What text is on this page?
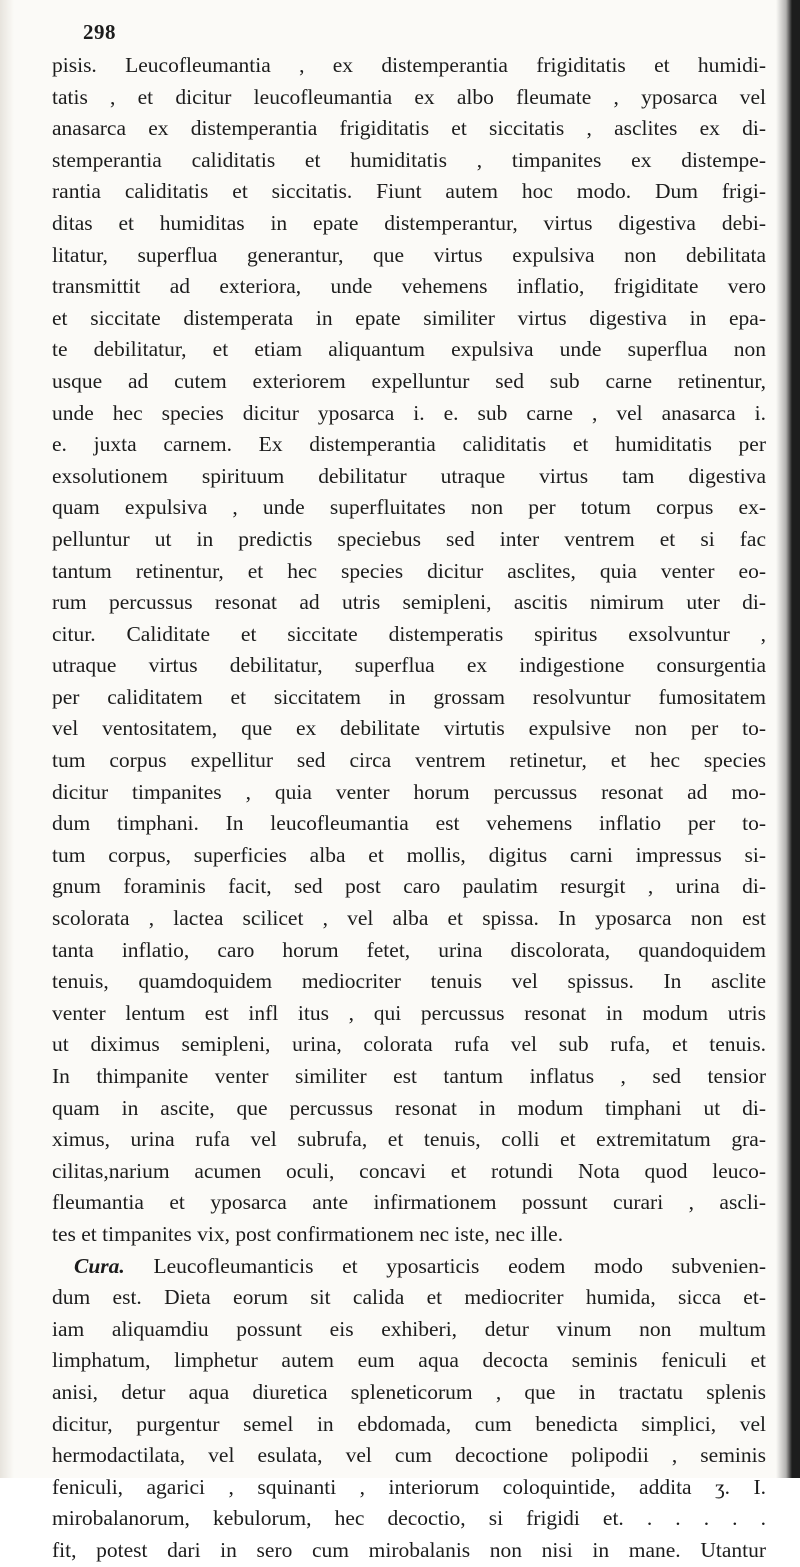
298
pisis. Leucofleumantia , ex distemperantia frigiditatis et humidi-
tatis , et dicitur leucofleumantia ex albo fleumate , yposarca vel
anasarca ex distemperantia frigiditatis et siccitatis , asclites ex di-
stemperantia caliditatis et humiditatis , timpanites ex distempe-
rantia caliditatis et siccitatis. Fiunt autem hoc modo. Dum frigi-
ditas et humiditas in epate distemperantur, virtus digestiva debi-
litatur, superflua generantur, que virtus expulsiva non debilitata
transmittit ad exteriora, unde vehemens inflatio, frigiditate vero
et siccitate distemperata in epate similiter virtus digestiva in epa-
te debilitatur, et etiam aliquantum expulsiva unde superflua non
usque ad cutem exteriorem expelluntur sed sub carne retinentur,
unde hec species dicitur yposarca i. e. sub carne , vel anasarca i.
e. juxta carnem. Ex distemperantia caliditatis et humiditatis per
exsolutionem spirituum debilitatur utraque virtus tam digestiva
quam expulsiva , unde superfluitates non per totum corpus ex-
pelluntur ut in predictis speciebus sed inter ventrem et si fac
tantum retinentur, et hec species dicitur asclites, quia venter eo-
rum percussus resonat ad utris semipleni, ascitis nimirum uter di-
citur. Caliditate et siccitate distemperatis spiritus exsolvuntur ,
utraque virtus debilitatur, superflua ex indigestione consurgentia
per caliditatem et siccitatem in grossam resolvuntur fumositatem
vel ventositatem, que ex debilitate virtutis expulsive non per to-
tum corpus expellitur sed circa ventrem retinetur, et hec species
dicitur timpanites , quia venter horum percussus resonat ad mo-
dum timphani. In leucofleumantia est vehemens inflatio per to-
tum corpus, superficies alba et mollis, digitus carni impressus si-
gnum foraminis facit, sed post caro paulatim resurgit , urina di-
scolorata , lactea scilicet , vel alba et spissa. In yposarca non est
tanta inflatio, caro horum fetet, urina discolorata, quandoquidem
tenuis, quamdoquidem mediocriter tenuis vel spissus. In asclite
venter lentum est infl itus , qui percussus resonat in modum utris
ut diximus semipleni, urina, colorata rufa vel sub rufa, et tenuis.
In thimpanite venter similiter est tantum inflatus , sed tensior
quam in ascite, que percussus resonat in modum timphani ut di-
ximus, urina rufa vel subrufa, et tenuis, colli et extremitatum gra-
cilitas,narium acumen oculi, concavi et rotundi Nota quod leuco-
fleumantia et yposarca ante infirmationem possunt curari , ascli-
tes et timpanites vix, post confirmationem nec iste, nec ille.
Cura. Leucofleumanticis et yposarticis eodem modo subvenien-
dum est. Dieta eorum sit calida et mediocriter humida, sicca et-
iam aliquamdiu possunt eis exhiberi, detur vinum non multum
limphatum, limphetur autem eum aqua decocta seminis feniculi et
anisi, detur aqua diuretica spleneticorum , que in tractatu splenis
dicitur, purgentur semel in ebdomada, cum benedicta simplici, vel
hermodactilata, vel esulata, vel cum decoctione polipodii , seminis
feniculi, agarici , squinanti , interiorum coloquintide, addita ʒ. I.
mirobalanorum, kebulorum, hec decoctio, si frigidi et. . . . . .
fit, potest dari in sero cum mirobalanis non nisi in mane. Utantur
